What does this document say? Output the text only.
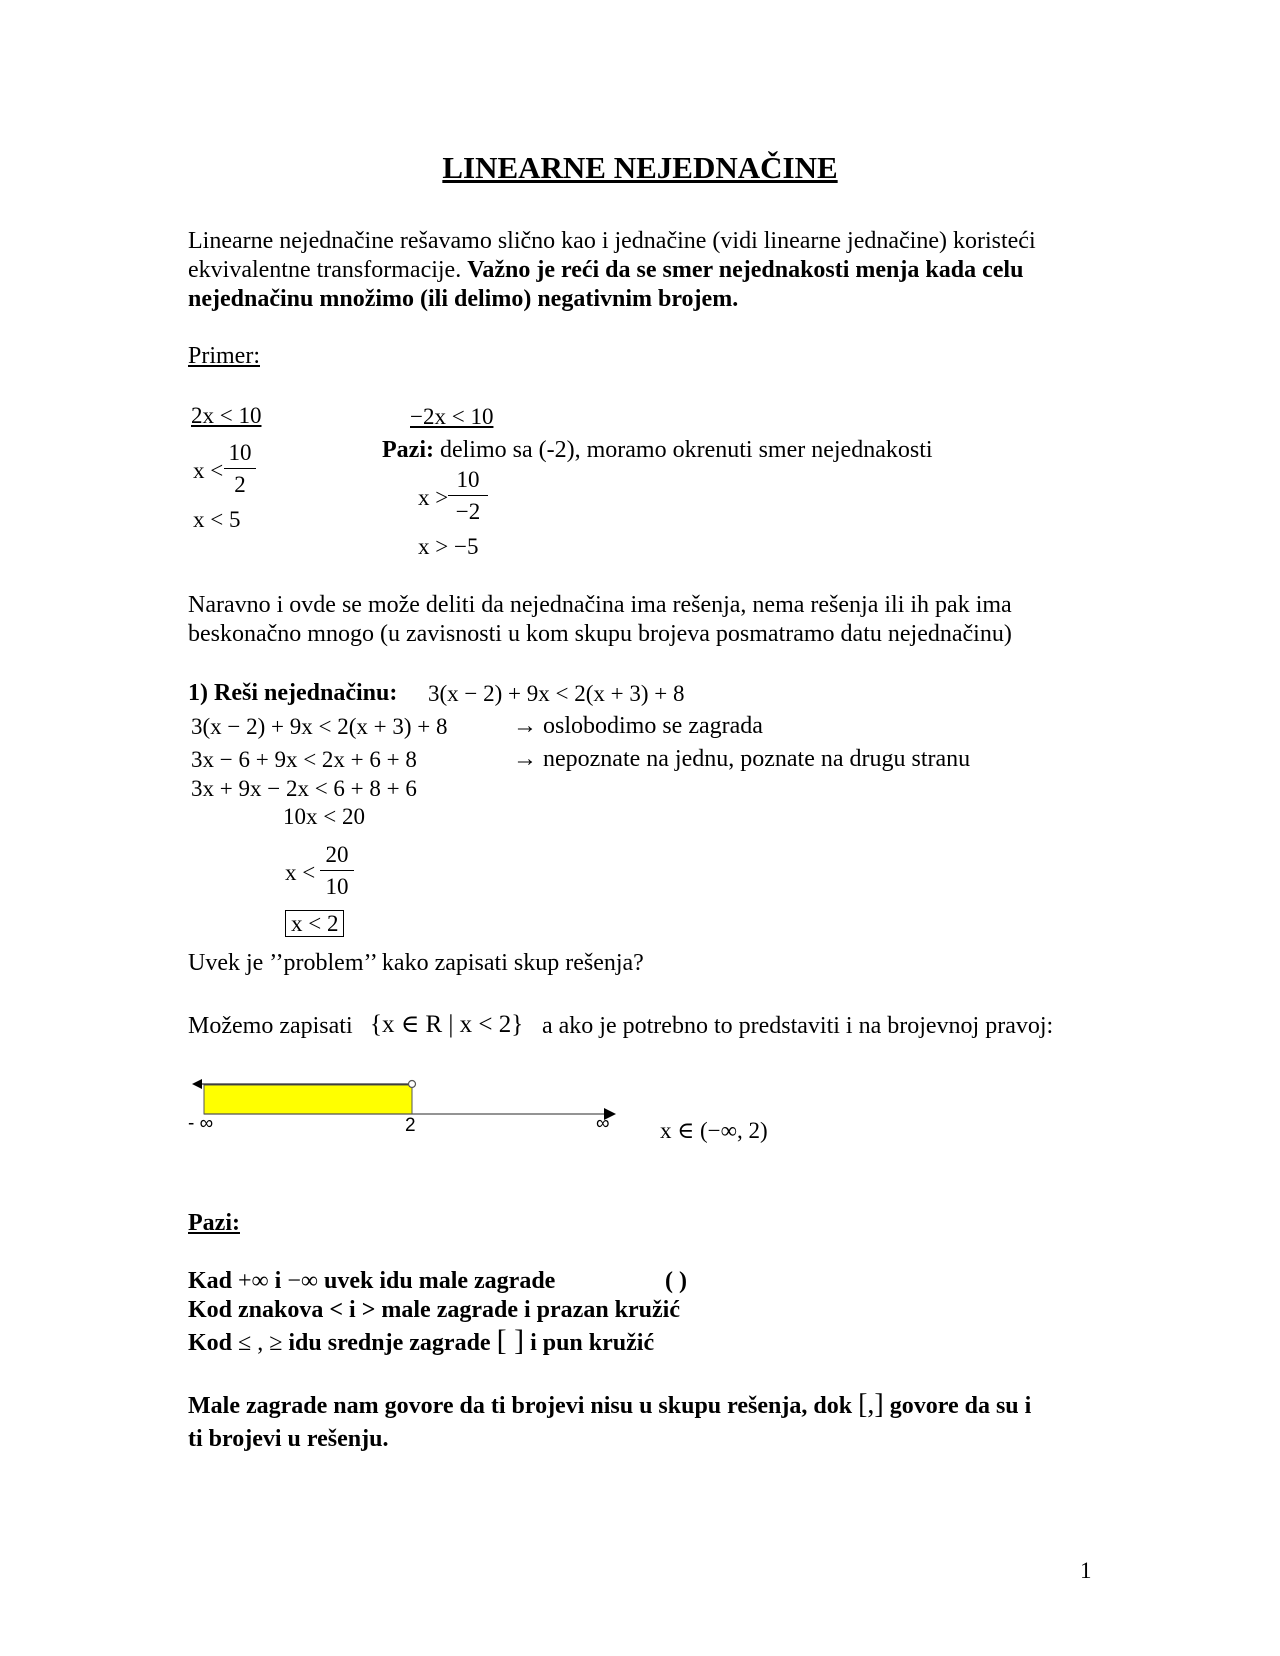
LINEARNE NEJEDNAČINE
Linearne nejednačine rešavamo slično kao i jednačine (vidi linearne jednačine) koristeći
ekvivalentne transformacije. Važno je reći da se smer nejednakosti menja kada celu
nejednačinu množimo (ili delimo) negativnim brojem.
Primer:
2x < 10
x <
10
2
x < 5
−2x < 10
Pazi: delimo sa (-2), moramo okrenuti smer nejednakosti
x >
10
−2
x > −5
Naravno i ovde se može deliti da nejednačina ima rešenja, nema rešenja ili ih pak ima
beskonačno mnogo (u zavisnosti u kom skupu brojeva posmatramo datu nejednačinu)
1) Reši nejednačinu: 3(x − 2) + 9x < 2(x + 3) + 8
3(x − 2) + 9x < 2(x + 3) + 8	→ oslobodimo se zagrada
3x − 6 + 9x < 2x + 6 + 8	→ nepoznate na jednu, poznate na drugu stranu
3x + 9x − 2x < 6 + 8 + 6
10x < 20
x <
20
10
x < 2
Uvek je ’’problem’’ kako zapisati skup rešenja?
Možemo zapisati {x ∈ R | x < 2} a ako je potrebno to predstaviti i na brojevnoj pravoj:
- ∞	2	∞ x ∈ (−∞, 2)
Pazi:
Kad +∞ i −∞ uvek idu male zagrade	( )
Kod znakova < i > male zagrade i prazan kružić
Kod ≤ , ≥ idu srednje zagrade [ ] i pun kružić
Male zagrade nam govore da ti brojevi nisu u skupu rešenja, dok [,] govore da su i
ti brojevi u rešenju.
1
